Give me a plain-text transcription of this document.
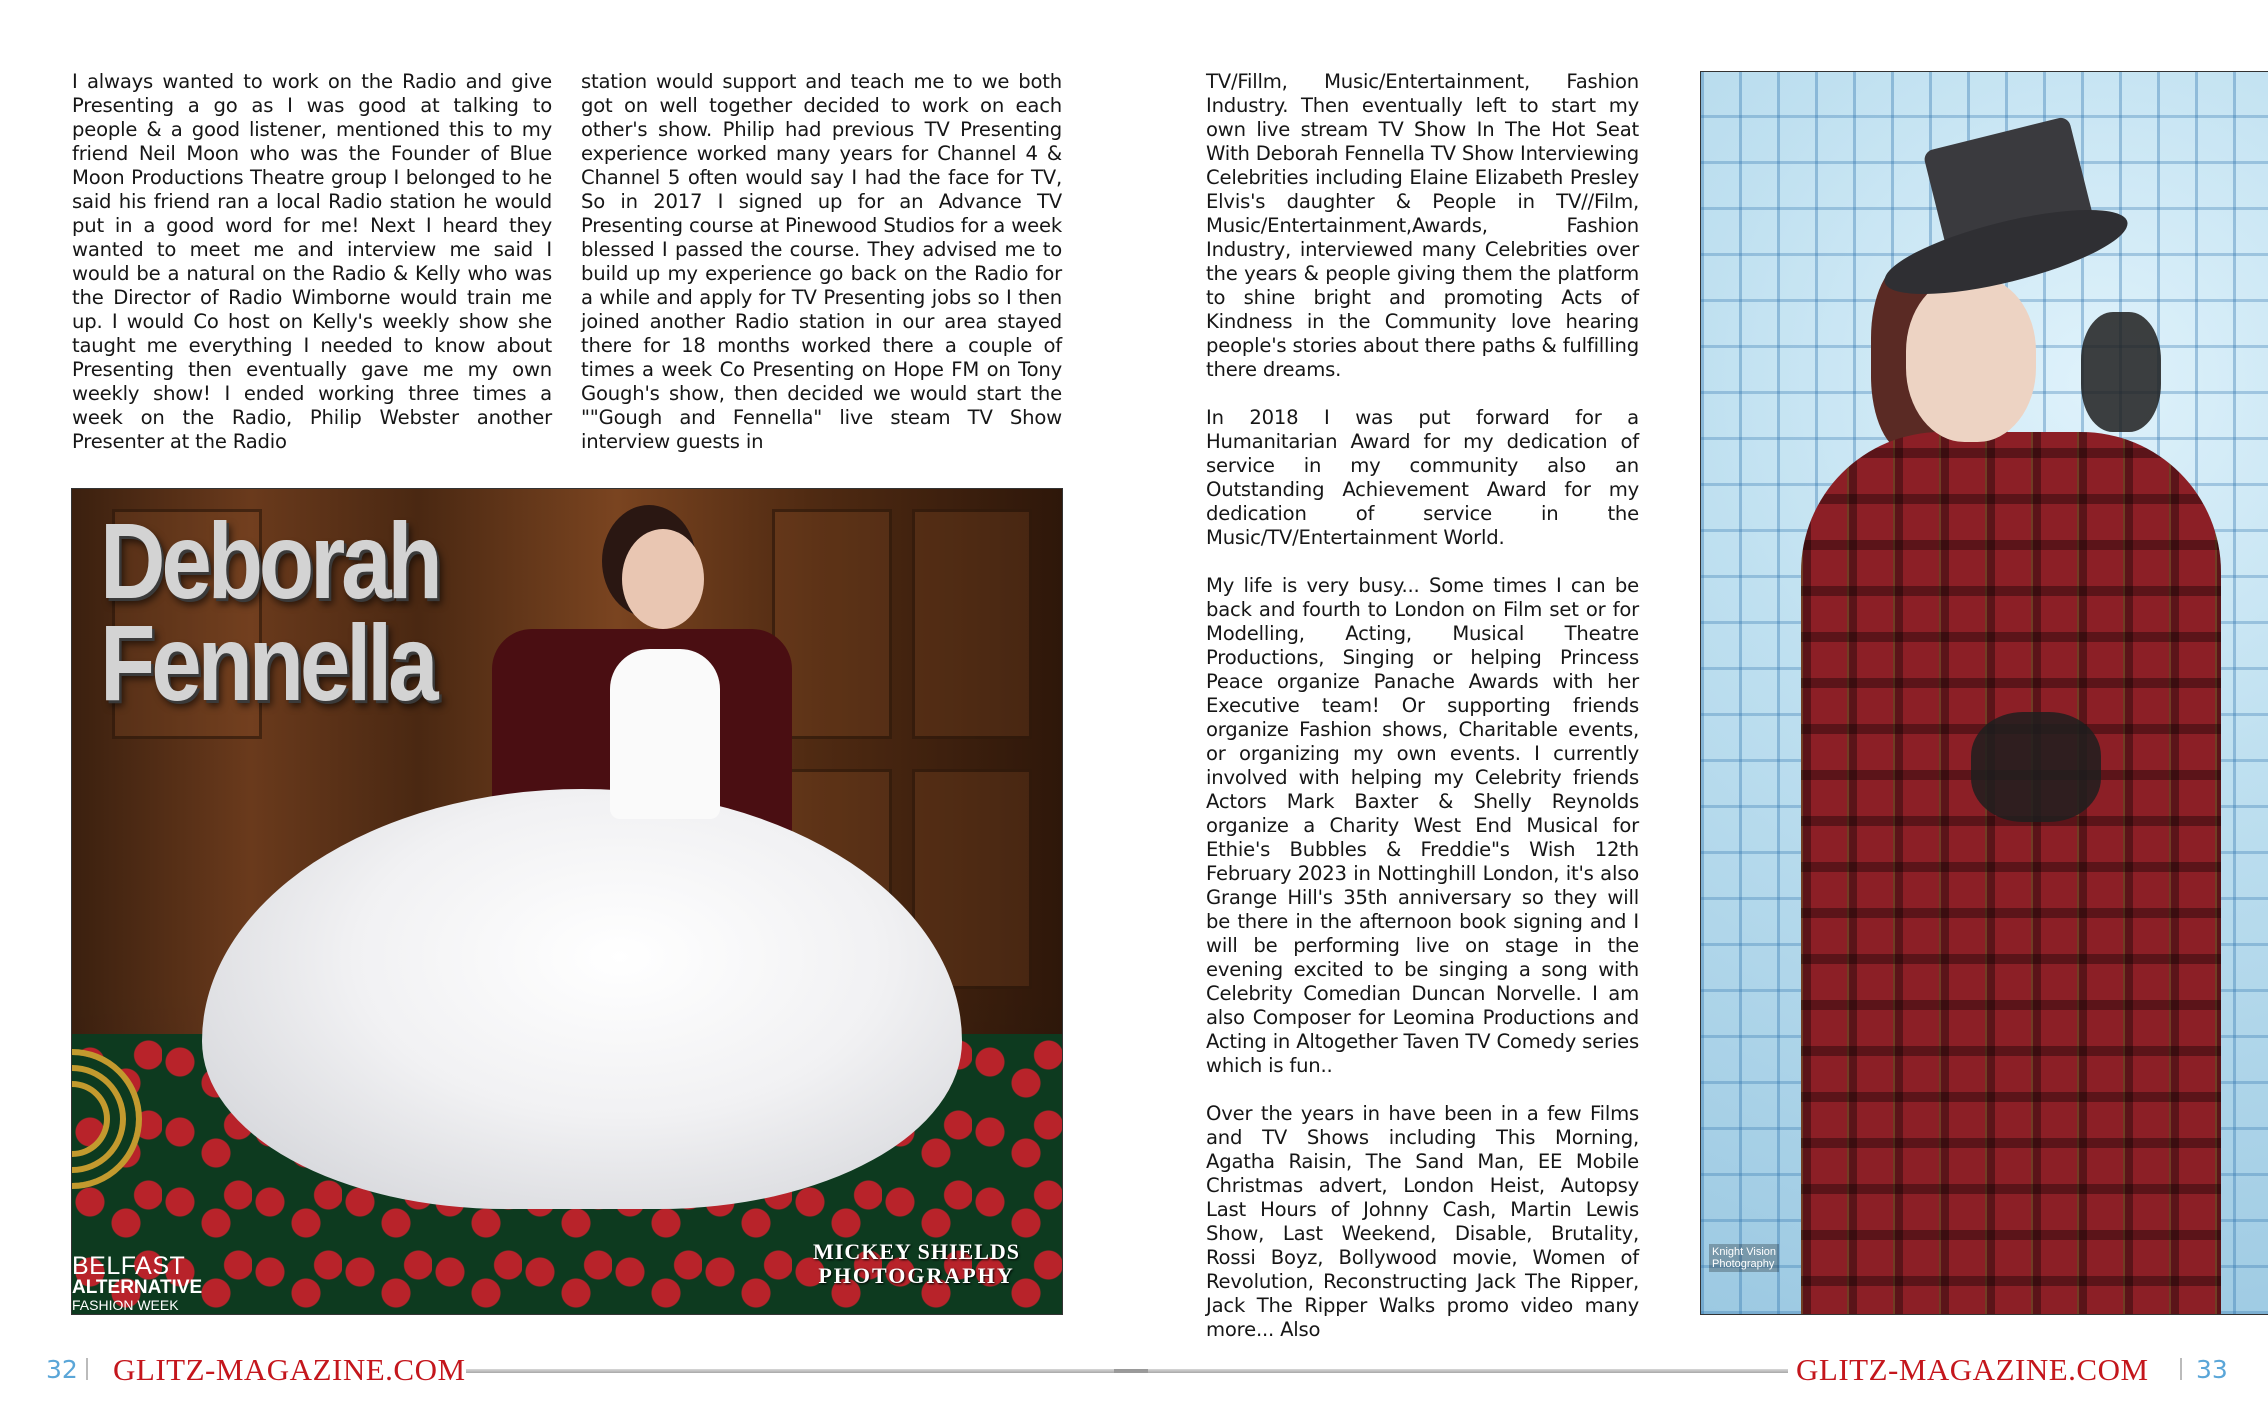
I always wanted to work on the Radio and give Presenting a go as I was good at talking to people & a good listener, mentioned this to my friend Neil Moon who was the Founder of Blue Moon Productions Theatre group I belonged to he said his friend ran a local Radio station he would put in a good word for me! Next I heard they wanted to meet me and interview me said I would be a natural on the Radio & Kelly who was the Director of Radio Wimborne would train me up. I would Co host on Kelly's weekly show she taught me everything I needed to know about Presenting then eventually gave me my own weekly show! I ended working three times a week on the Radio, Philip Webster another Presenter at the Radio

station would support and teach me to we both got on well together decided to work on each other's show. Philip had previous TV Presenting experience worked many years for Channel 4 & Channel 5 often would say I had the face for TV, So in 2017 I signed up for an Advance TV Presenting course at Pinewood Studios for a week blessed I passed the course. They advised me to build up my experience go back on the Radio for a while and apply for TV Presenting jobs so I then joined another Radio station in our area stayed there for 18 months worked there a couple of times a week Co Presenting on Hope FM on Tony Gough's show, then decided we would start the ""Gough and Fennella" live steam TV Show interview guests in

TV/Fillm, Music/Entertainment, Fashion Industry. Then eventually left to start my own live stream TV Show In The Hot Seat With Deborah Fennella TV Show Interviewing Celebrities including Elaine Elizabeth Presley Elvis's daughter & People in TV//Film, Music/Entertainment,Awards, Fashion Industry, interviewed many Celebrities over the years & people giving them the platform to shine bright and promoting Acts of Kindness in the Community love hearing people's stories about there paths & fulfilling there dreams.

In 2018 I was put forward for a Humanitarian Award for my dedication of service in my community also an Outstanding Achievement Award for my dedication of service in the Music/TV/Entertainment World.

My life is very busy... Some times I can be back and fourth to London on Film set or for Modelling, Acting, Musical Theatre Productions, Singing or helping Princess Peace organize Panache Awards with her Executive team! Or supporting friends organize Fashion shows, Charitable events, or organizing my own events. I currently involved with helping my Celebrity friends Actors Mark Baxter & Shelly Reynolds organize a Charity West End Musical for Ethie's Bubbles & Freddie"s Wish 12th February 2023 in Nottinghill London, it's also Grange Hill's 35th anniversary so they will be there in the afternoon book signing and I will be performing live on stage in the evening excited to be singing a song with Celebrity Comedian Duncan Norvelle. I am also Composer for Leomina Productions and Acting in Altogether Taven TV Comedy series which is fun..

Over the years in have been in a few Films and TV Shows including This Morning, Agatha Raisin, The Sand Man, EE Mobile Christmas advert, London Heist, Autopsy Last Hours of Johnny Cash, Martin Lewis Show, Last Weekend, Disable, Brutality, Rossi Boyz, Bollywood movie, Women of Revolution, Reconstructing Jack The Ripper, Jack The Ripper Walks promo video many more... Also

Deborah
Fennella
BELFAST
ALTERNATIVE
FASHION WEEK
MICKEY SHIELDS
PHOTOGRAPHY
Knight Vision
Photography
32 GLITZ-MAGAZINE.COM	GLITZ-MAGAZINE.COM 33
